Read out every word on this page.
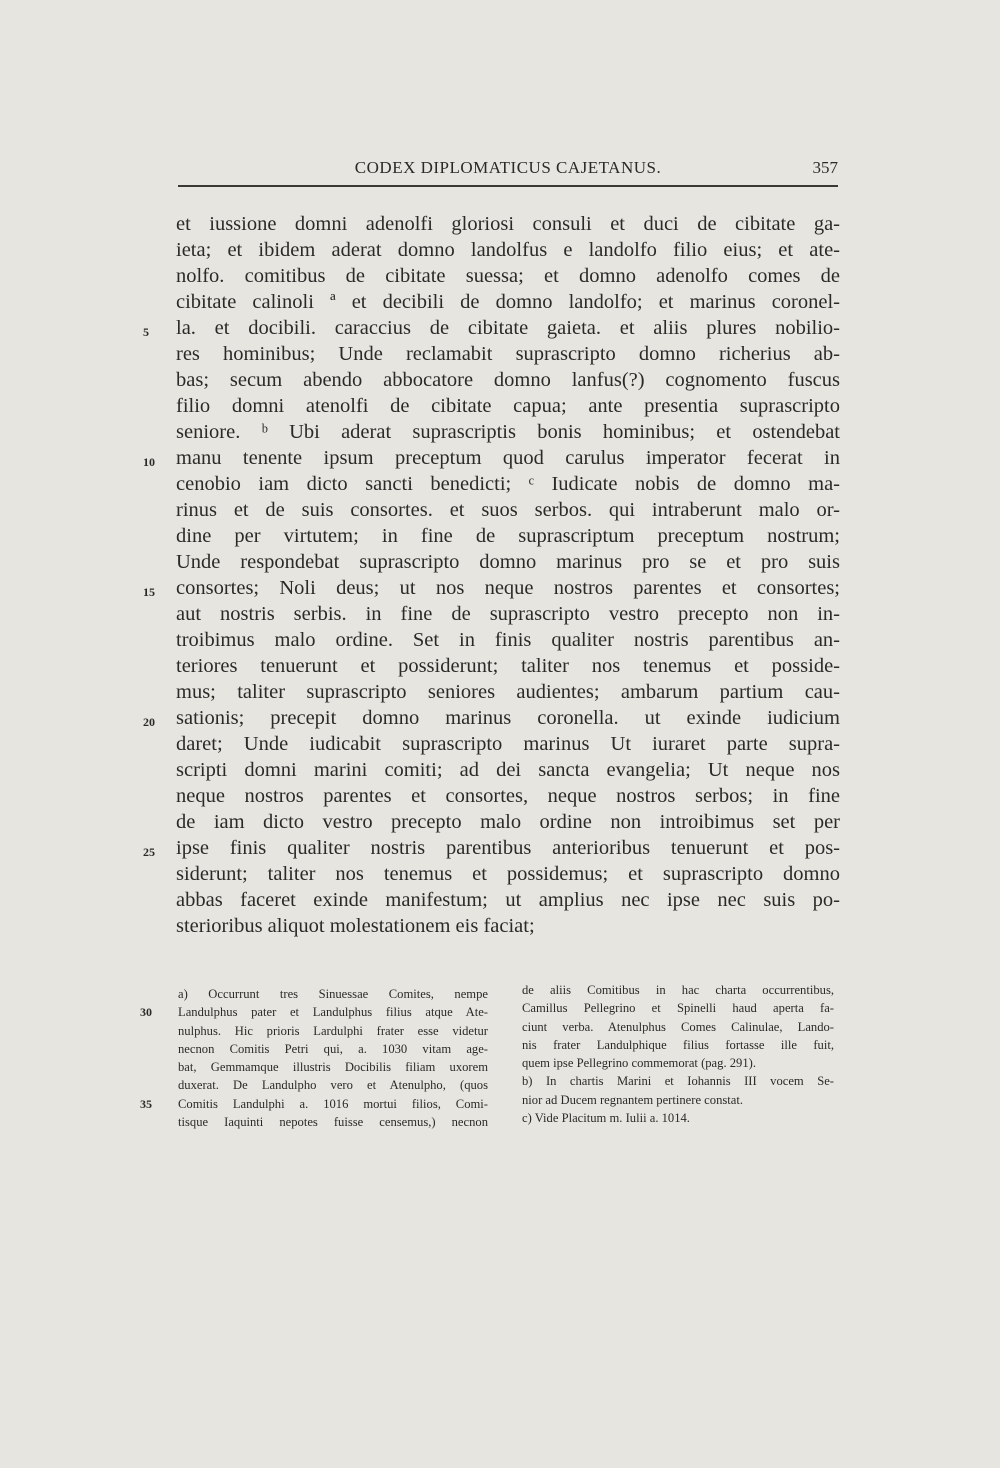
CODEX DIPLOMATICUS CAJETANUS.	357
et iussione domni adenolfi gloriosi consuli et duci de cibitate ga-
ieta; et ibidem aderat domno landolfus e landolfo filio eius; et ate-
nolfo. comitibus de cibitate suessa; et domno adenolfo comes de
cibitate calinoli ª et decibili de domno landolfo; et marinus coronel-
la. et docibili. caraccius de cibitate gaieta. et aliis plures nobilio-
res hominibus; Unde reclamabit suprascripto domno richerius ab-
bas; secum abendo abbocatore domno lanfus(?) cognomento fuscus
filio domni atenolfi de cibitate capua; ante presentia suprascripto
seniore. ᵇ Ubi aderat suprascriptis bonis hominibus; et ostendebat
manu tenente ipsum preceptum quod carulus imperator fecerat in
cenobio iam dicto sancti benedicti; ᶜ Iudicate nobis de domno ma-
rinus et de suis consortes. et suos serbos. qui intraberunt malo or-
dine per virtutem; in fine de suprascriptum preceptum nostrum;
Unde respondebat suprascripto domno marinus pro se et pro suis
consortes; Noli deus; ut nos neque nostros parentes et consortes;
aut nostris serbis. in fine de suprascripto vestro precepto non in-
troibimus malo ordine. Set in finis qualiter nostris parentibus an-
teriores tenuerunt et possiderunt; taliter nos tenemus et posside-
mus; taliter suprascripto seniores audientes; ambarum partium cau-
sationis; precepit domno marinus coronella. ut exinde iudicium
daret; Unde iudicabit suprascripto marinus Ut iuraret parte supra-
scripti domni marini comiti; ad dei sancta evangelia; Ut neque nos
neque nostros parentes et consortes, neque nostros serbos; in fine
de iam dicto vestro precepto malo ordine non introibimus set per
ipse finis qualiter nostris parentibus anterioribus tenuerunt et pos-
siderunt; taliter nos tenemus et possidemus; et suprascripto domno
abbas faceret exinde manifestum; ut amplius nec ipse nec suis po-
sterioribus aliquot molestationem eis faciat;
5
10
15
20
25
a) Occurrunt tres Sinuessae Comites, nempe
Landulphus pater et Landulphus filius atque Ate-
nulphus. Hic prioris Lardulphi frater esse videtur
necnon Comitis Petri qui, a. 1030 vitam age-
bat, Gemmamque illustris Docibilis filiam uxorem
duxerat. De Landulpho vero et Atenulpho, (quos
Comitis Landulphi a. 1016 mortui filios, Comi-
tisque Iaquinti nepotes fuisse censemus,) necnon
de aliis Comitibus in hac charta occurrentibus,
Camillus Pellegrino et Spinelli haud aperta fa-
ciunt verba. Atenulphus Comes Calinulae, Lando-
nis frater Landulphique filius fortasse ille fuit,
quem ipse Pellegrino commemorat (pag. 291).
b) In chartis Marini et Iohannis III vocem Se-
nior ad Ducem regnantem pertinere constat.
c) Vide Placitum m. Iulii a. 1014.
30
35
